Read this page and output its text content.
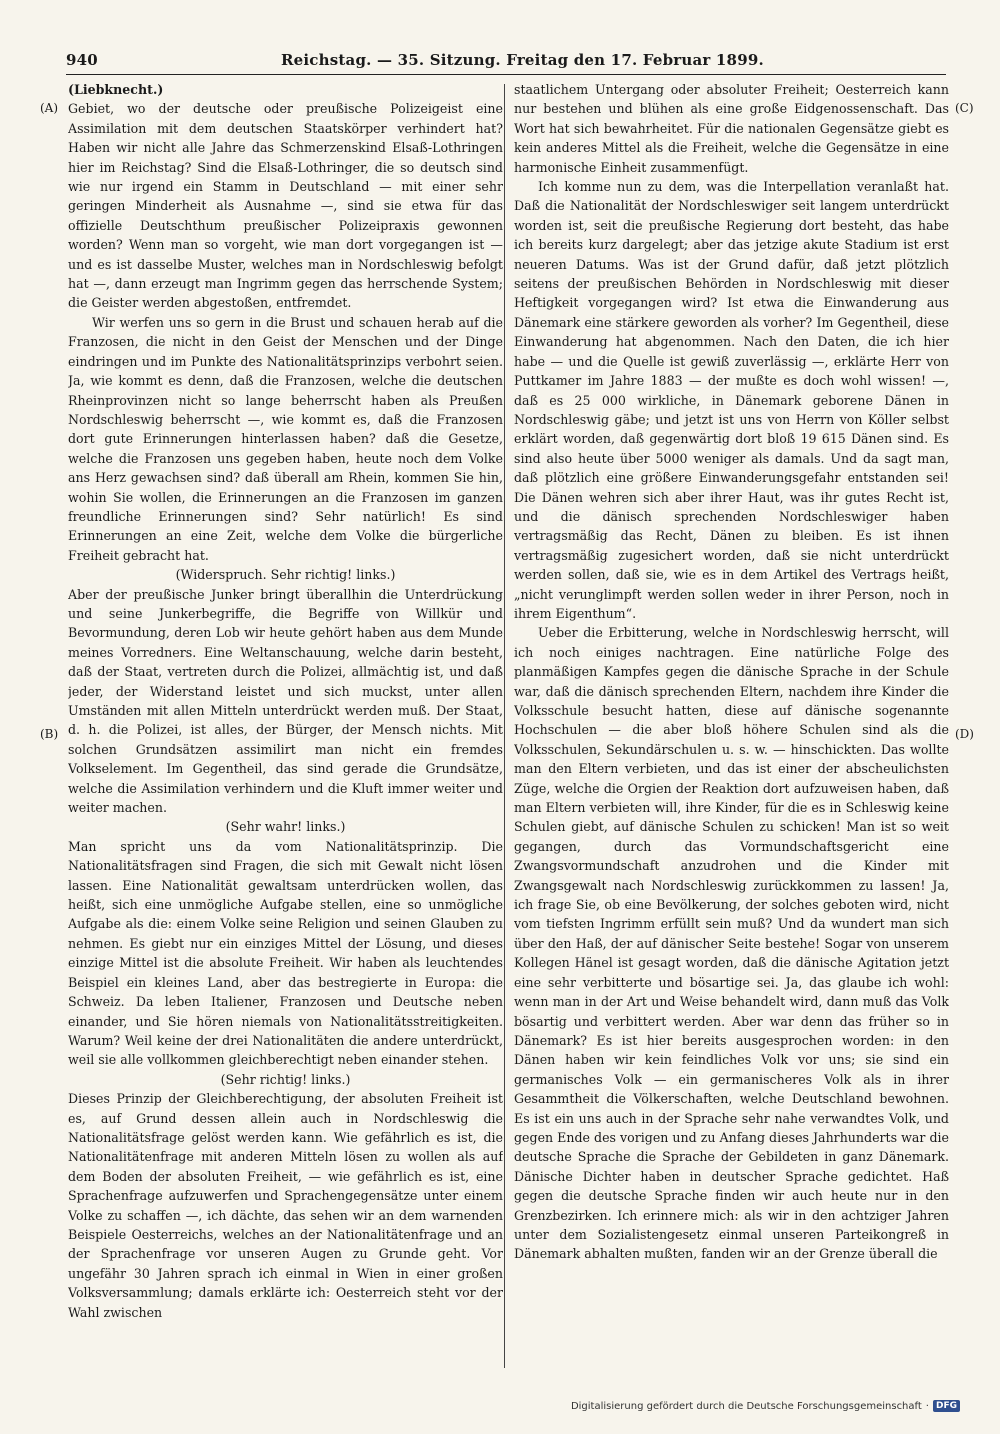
940	Reichstag. — 35. Sitzung. Freitag den 17. Februar 1899.
(A)
(B)
(C)
(D)

(Liebknecht.)

Gebiet, wo der deutsche oder preußische Polizeigeist eine Assimilation mit dem deutschen Staatskörper verhindert hat? Haben wir nicht alle Jahre das Schmerzenskind Elsaß-Lothringen hier im Reichstag? Sind die Elsaß-Lothringer, die so deutsch sind wie nur irgend ein Stamm in Deutschland — mit einer sehr geringen Minderheit als Ausnahme —, sind sie etwa für das offizielle Deutschthum preußischer Polizeipraxis gewonnen worden? Wenn man so vorgeht, wie man dort vorgegangen ist — und es ist dasselbe Muster, welches man in Nordschleswig befolgt hat —, dann erzeugt man Ingrimm gegen das herrschende System; die Geister werden abgestoßen, entfremdet.

Wir werfen uns so gern in die Brust und schauen herab auf die Franzosen, die nicht in den Geist der Menschen und der Dinge eindringen und im Punkte des Nationalitätsprinzips verbohrt seien. Ja, wie kommt es denn, daß die Franzosen, welche die deutschen Rheinprovinzen nicht so lange beherrscht haben als Preußen Nordschleswig beherrscht —, wie kommt es, daß die Franzosen dort gute Erinnerungen hinterlassen haben? daß die Gesetze, welche die Franzosen uns gegeben haben, heute noch dem Volke ans Herz gewachsen sind? daß überall am Rhein, kommen Sie hin, wohin Sie wollen, die Erinnerungen an die Franzosen im ganzen freundliche Erinnerungen sind? Sehr natürlich! Es sind Erinnerungen an eine Zeit, welche dem Volke die bürgerliche Freiheit gebracht hat.

(Widerspruch. Sehr richtig! links.)

Aber der preußische Junker bringt überallhin die Unterdrückung und seine Junkerbegriffe, die Begriffe von Willkür und Bevormundung, deren Lob wir heute gehört haben aus dem Munde meines Vorredners. Eine Weltanschauung, welche darin besteht, daß der Staat, vertreten durch die Polizei, allmächtig ist, und daß jeder, der Widerstand leistet und sich muckst, unter allen Umständen mit allen Mitteln unterdrückt werden muß. Der Staat, d. h. die Polizei, ist alles, der Bürger, der Mensch nichts. Mit solchen Grundsätzen assimilirt man nicht ein fremdes Volkselement. Im Gegentheil, das sind gerade die Grundsätze, welche die Assimilation verhindern und die Kluft immer weiter und weiter machen.

(Sehr wahr! links.)

Man spricht uns da vom Nationalitätsprinzip. Die Nationalitätsfragen sind Fragen, die sich mit Gewalt nicht lösen lassen. Eine Nationalität gewaltsam unterdrücken wollen, das heißt, sich eine unmögliche Aufgabe stellen, eine so unmögliche Aufgabe als die: einem Volke seine Religion und seinen Glauben zu nehmen. Es giebt nur ein einziges Mittel der Lösung, und dieses einzige Mittel ist die absolute Freiheit. Wir haben als leuchtendes Beispiel ein kleines Land, aber das bestregierte in Europa: die Schweiz. Da leben Italiener, Franzosen und Deutsche neben einander, und Sie hören niemals von Nationalitätsstreitigkeiten. Warum? Weil keine der drei Nationalitäten die andere unterdrückt, weil sie alle vollkommen gleichberechtigt neben einander stehen.

(Sehr richtig! links.)

Dieses Prinzip der Gleichberechtigung, der absoluten Freiheit ist es, auf Grund dessen allein auch in Nordschleswig die Nationalitätsfrage gelöst werden kann. Wie gefährlich es ist, die Nationalitätenfrage mit anderen Mitteln lösen zu wollen als auf dem Boden der absoluten Freiheit, — wie gefährlich es ist, eine Sprachenfrage aufzuwerfen und Sprachengegensätze unter einem Volke zu schaffen —, ich dächte, das sehen wir an dem warnenden Beispiele Oesterreichs, welches an der Nationalitätenfrage und an der Sprachenfrage vor unseren Augen zu Grunde geht. Vor ungefähr 30 Jahren sprach ich einmal in Wien in einer großen Volksversammlung; damals erklärte ich: Oesterreich steht vor der Wahl zwischen

staatlichem Untergang oder absoluter Freiheit; Oesterreich kann nur bestehen und blühen als eine große Eidgenossenschaft. Das Wort hat sich bewahrheitet. Für die nationalen Gegensätze giebt es kein anderes Mittel als die Freiheit, welche die Gegensätze in eine harmonische Einheit zusammenfügt.

Ich komme nun zu dem, was die Interpellation veranlaßt hat. Daß die Nationalität der Nordschleswiger seit langem unterdrückt worden ist, seit die preußische Regierung dort besteht, das habe ich bereits kurz dargelegt; aber das jetzige akute Stadium ist erst neueren Datums. Was ist der Grund dafür, daß jetzt plötzlich seitens der preußischen Behörden in Nordschleswig mit dieser Heftigkeit vorgegangen wird? Ist etwa die Einwanderung aus Dänemark eine stärkere geworden als vorher? Im Gegentheil, diese Einwanderung hat abgenommen. Nach den Daten, die ich hier habe — und die Quelle ist gewiß zuverlässig —, erklärte Herr von Puttkamer im Jahre 1883 — der mußte es doch wohl wissen! —, daß es 25 000 wirkliche, in Dänemark geborene Dänen in Nordschleswig gäbe; und jetzt ist uns von Herrn von Köller selbst erklärt worden, daß gegenwärtig dort bloß 19 615 Dänen sind. Es sind also heute über 5000 weniger als damals. Und da sagt man, daß plötzlich eine größere Einwanderungsgefahr entstanden sei! Die Dänen wehren sich aber ihrer Haut, was ihr gutes Recht ist, und die dänisch sprechenden Nordschleswiger haben vertragsmäßig das Recht, Dänen zu bleiben. Es ist ihnen vertragsmäßig zugesichert worden, daß sie nicht unterdrückt werden sollen, daß sie, wie es in dem Artikel des Vertrags heißt, „nicht verunglimpft werden sollen weder in ihrer Person, noch in ihrem Eigenthum“.

Ueber die Erbitterung, welche in Nordschleswig herrscht, will ich noch einiges nachtragen. Eine natürliche Folge des planmäßigen Kampfes gegen die dänische Sprache in der Schule war, daß die dänisch sprechenden Eltern, nachdem ihre Kinder die Volksschule besucht hatten, diese auf dänische sogenannte Hochschulen — die aber bloß höhere Schulen sind als die Volksschulen, Sekundärschulen u. s. w. — hinschickten. Das wollte man den Eltern verbieten, und das ist einer der abscheulichsten Züge, welche die Orgien der Reaktion dort aufzuweisen haben, daß man Eltern verbieten will, ihre Kinder, für die es in Schleswig keine Schulen giebt, auf dänische Schulen zu schicken! Man ist so weit gegangen, durch das Vormundschaftsgericht eine Zwangsvormundschaft anzudrohen und die Kinder mit Zwangsgewalt nach Nordschleswig zurückkommen zu lassen! Ja, ich frage Sie, ob eine Bevölkerung, der solches geboten wird, nicht vom tiefsten Ingrimm erfüllt sein muß? Und da wundert man sich über den Haß, der auf dänischer Seite bestehe! Sogar von unserem Kollegen Hänel ist gesagt worden, daß die dänische Agitation jetzt eine sehr verbitterte und bösartige sei. Ja, das glaube ich wohl: wenn man in der Art und Weise behandelt wird, dann muß das Volk bösartig und verbittert werden. Aber war denn das früher so in Dänemark? Es ist hier bereits ausgesprochen worden: in den Dänen haben wir kein feindliches Volk vor uns; sie sind ein germanisches Volk — ein germanischeres Volk als in ihrer Gesammtheit die Völkerschaften, welche Deutschland bewohnen. Es ist ein uns auch in der Sprache sehr nahe verwandtes Volk, und gegen Ende des vorigen und zu Anfang dieses Jahrhunderts war die deutsche Sprache die Sprache der Gebildeten in ganz Dänemark. Dänische Dichter haben in deutscher Sprache gedichtet. Haß gegen die deutsche Sprache finden wir auch heute nur in den Grenzbezirken. Ich erinnere mich: als wir in den achtziger Jahren unter dem Sozialistengesetz einmal unseren Parteikongreß in Dänemark abhalten mußten, fanden wir an der Grenze überall die

Digitalisierung gefördert durch die Deutsche Forschungsgemeinschaft · DFG
